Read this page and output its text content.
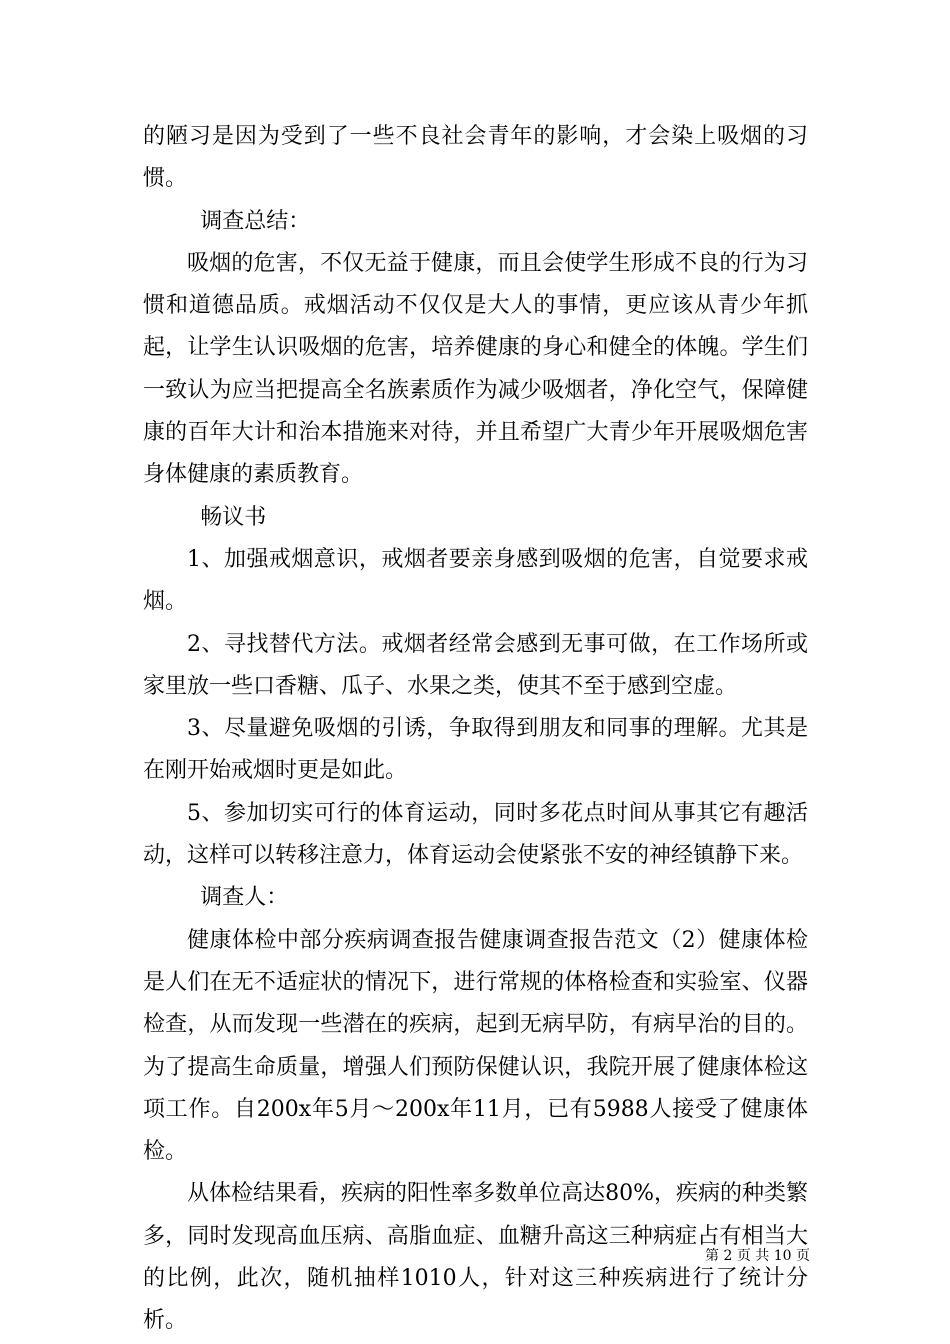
的陋习是因为受到了一些不良社会青年的影响，才会染上吸烟的习惯。

调查总结：

吸烟的危害，不仅无益于健康，而且会使学生形成不良的行为习惯和道德品质。戒烟活动不仅仅是大人的事情，更应该从青少年抓起，让学生认识吸烟的危害，培养健康的身心和健全的体魄。学生们一致认为应当把提高全名族素质作为减少吸烟者，净化空气，保障健康的百年大计和治本措施来对待，并且希望广大青少年开展吸烟危害身体健康的素质教育。

畅议书

1、加强戒烟意识，戒烟者要亲身感到吸烟的危害，自觉要求戒烟。

2、寻找替代方法。戒烟者经常会感到无事可做，在工作场所或家里放一些口香糖、瓜子、水果之类，使其不至于感到空虚。

3、尽量避免吸烟的引诱，争取得到朋友和同事的理解。尤其是在刚开始戒烟时更是如此。

5、参加切实可行的体育运动，同时多花点时间从事其它有趣活动，这样可以转移注意力，体育运动会使紧张不安的神经镇静下来。

调查人：

健康体检中部分疾病调查报告健康调查报告范文（2）健康体检是人们在无不适症状的情况下，进行常规的体格检查和实验室、仪器检查，从而发现一些潜在的疾病，起到无病早防，有病早治的目的。为了提高生命质量，增强人们预防保健认识，我院开展了健康体检这项工作。自200x年5月～200x年11月，已有5988人接受了健康体检。

从体检结果看，疾病的阳性率多数单位高达80%，疾病的种类繁多，同时发现高血压病、高脂血症、血糖升高这三种病症占有相当大的比例，此次，随机抽样1010人，针对这三种疾病进行了统计分析。

第 2 页 共 10 页
